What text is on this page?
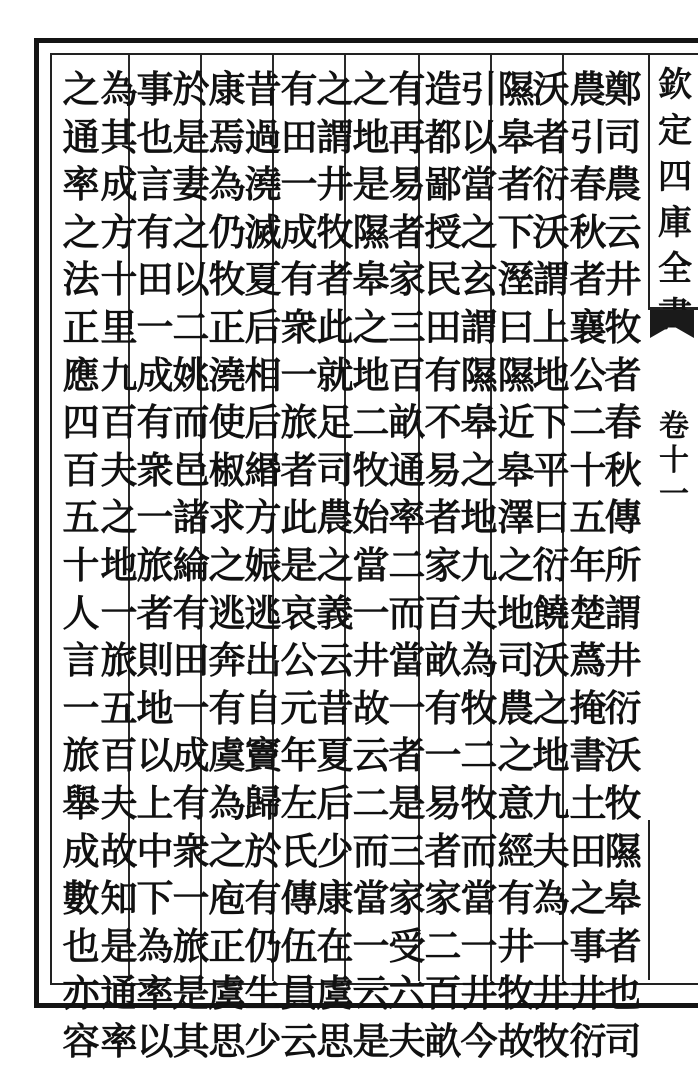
欽定四庫全
卷十一
鄭司農云井牧者春秋傳所謂井衍沃牧隰皋者也司
農引春秋者襄公二十五年楚蔿掩書土田之事井衍
沃者衍沃謂上地下平曰衍饒沃之地九夫為一井牧
隰皋者下溼曰隰近皋澤之地司農之意經有井牧故
引以當之玄謂隰皋之地九夫為牧二牧而當一井今
造都鄙授民田有不易者家百畝有一易者家二百畝
有再易者家三百畝通率二而當一者是三家受六夫
之地是隰皋之地二牧始當一井故云二而當一云是
之謂井牧者此就足司農之義云昔夏后少康在虞思
有田一成有衆一旅者此是哀公元年左氏傳伍員云
昔過澆滅夏后相后緡方娠逃出自竇歸於有仍生少
康焉為仍牧正澆使椒求之逃奔有虞為之庖正虞思
於是妻之以二姚而邑諸綸有田一成有衆一旅是其
事也言有田一成有衆一旅者則地以上中下為率以
為其成方十里九百夫之地一旅五百夫故知是通率
之通率之法正應四百五十人言一旅舉成數也亦容
